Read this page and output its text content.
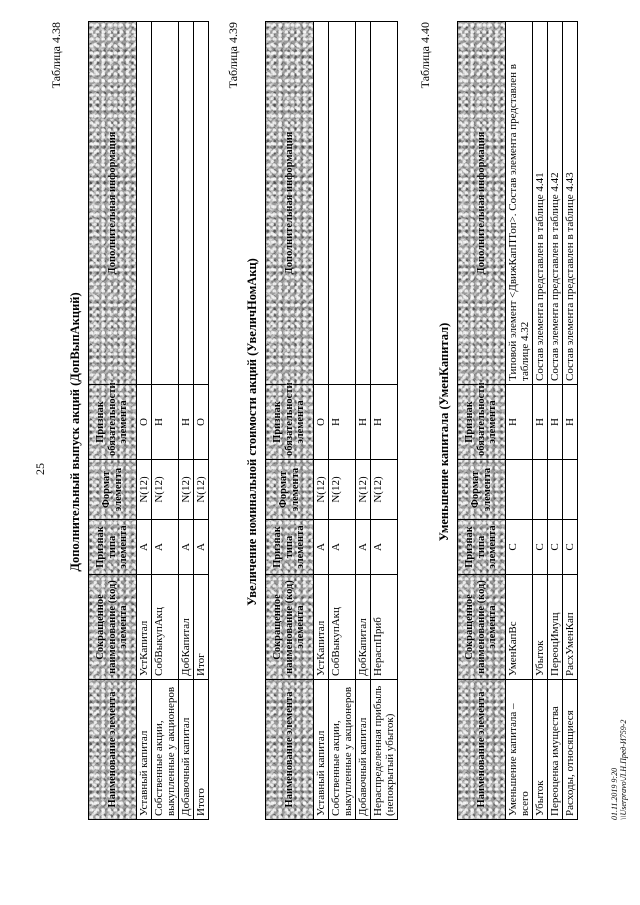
25
Таблица 4.38
Дополнительный выпуск акций (ДопВыпАкций)
Наименование элемента	Сокращенное наименование (код) элемента	Признак типа элемента	Формат элемента	Признак обязательности элемента	Дополнительная информация
Уставный капитал	УстКапитал	А	N(12)	О	
Собственные акции, выкупленные у акционеров	СобВыкупАкц	А	N(12)	Н	
Добавочный капитал	ДобКапитал	А	N(12)	Н	
Итого	Итог	А	N(12)	О	
Таблица 4.39
Увеличение номинальной стоимости акций (УвеличНомАкц)
Наименование элемента	Сокращенное наименование (код) элемента	Признак типа элемента	Формат элемента	Признак обязательности элемента	Дополнительная информация
Уставный капитал	УстКапитал	А	N(12)	О	
Собственные акции, выкупленные у акционеров	СобВыкупАкц	А	N(12)	Н	
Добавочный капитал	ДобКапитал	А	N(12)	Н	
Нераспределенная прибыль (непокрытый убыток)	НераспПриб	А	N(12)	Н	
Таблица 4.40
Уменьшение капитала (УменКапитал)
Наименование элемента	Сокращенное наименование (код) элемента	Признак типа элемента	Формат элемента	Признак обязательности элемента	Дополнительная информация
Уменьшение капитала – всего	УменКапВс	С		Н	Типовой элемент <ДвижКапПТоп>. Состав элемента представлен в таблице 4.32
Убыток	Убыток	С		Н	Состав элемента представлен в таблице 4.41
Переоценка имущества	ПереоцИмущ	С		Н	Состав элемента представлен в таблице 4.42
Расходы, относящиеся	РасхУменКап	С		Н	Состав элемента представлен в таблице 4.43
01.11.2019 9:20 \\Userpravo\Л.Н.Пред-И759-2
